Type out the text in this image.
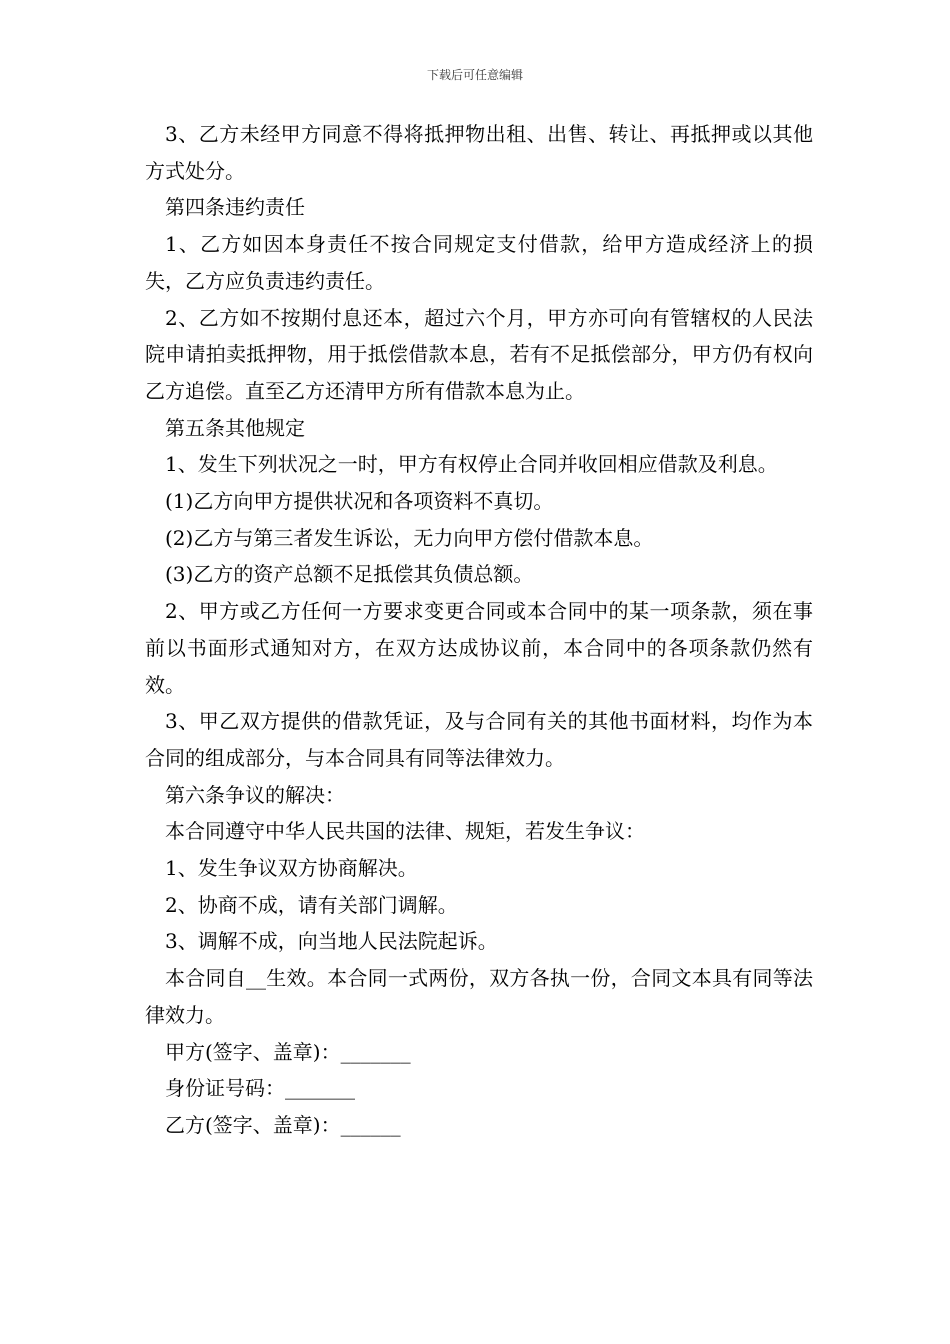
下载后可任意编辑

3、乙方未经甲方同意不得将抵押物出租、出售、转让、再抵押或以其他方式处分。

第四条违约责任

1、乙方如因本身责任不按合同规定支付借款，给甲方造成经济上的损失，乙方应负责违约责任。

2、乙方如不按期付息还本，超过六个月，甲方亦可向有管辖权的人民法院申请拍卖抵押物，用于抵偿借款本息，若有不足抵偿部分，甲方仍有权向乙方追偿。直至乙方还清甲方所有借款本息为止。

第五条其他规定

1、发生下列状况之一时，甲方有权停止合同并收回相应借款及利息。

(1)乙方向甲方提供状况和各项资料不真切。

(2)乙方与第三者发生诉讼，无力向甲方偿付借款本息。

(3)乙方的资产总额不足抵偿其负债总额。

2、甲方或乙方任何一方要求变更合同或本合同中的某一项条款，须在事前以书面形式通知对方，在双方达成协议前，本合同中的各项条款仍然有效。

3、甲乙双方提供的借款凭证，及与合同有关的其他书面材料，均作为本合同的组成部分，与本合同具有同等法律效力。

第六条争议的解决：

本合同遵守中华人民共国的法律、规矩，若发生争议：

1、发生争议双方协商解决。

2、协商不成，请有关部门调解。

3、调解不成，向当地人民法院起诉。

本合同自__生效。本合同一式两份，双方各执一份，合同文本具有同等法律效力。

甲方(签字、盖章)：_______

身份证号码：_______

乙方(签字、盖章)：______
